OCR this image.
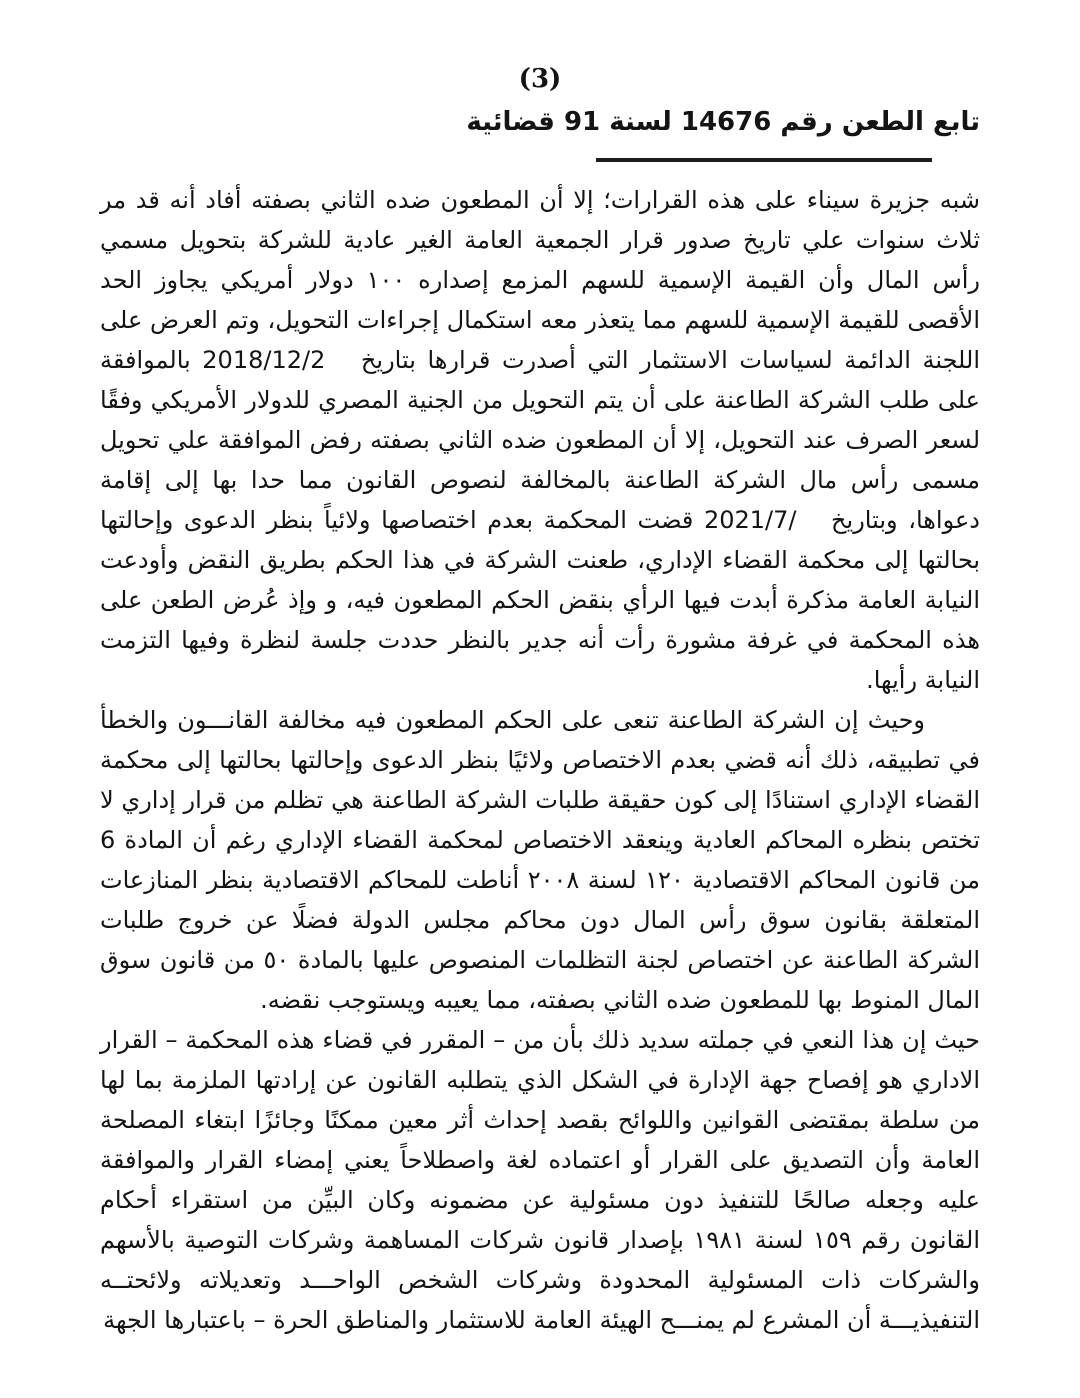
(3)
تابع الطعن رقم 14676 لسنة 91 قضائية

شبه جزيرة سيناء على هذه القرارات؛ إلا أن المطعون ضده الثاني بصفته أفاد أنه قد مر ثلاث سنوات علي تاريخ صدور قرار الجمعية العامة الغير عادية للشركة بتحويل مسمي رأس المال وأن القيمة الإسمية للسهم المزمع إصداره ١٠٠ دولار أمريكي يجاوز الحد الأقصى للقيمة الإسمية للسهم مما يتعذر معه استكمال إجراءات التحويل، وتم العرض على اللجنة الدائمة لسياسات الاستثمار التي أصدرت قرارها بتاريخ  2018/12/2 بالموافقة على طلب الشركة الطاعنة على أن يتم التحويل من الجنية المصري للدولار الأمريكي وفقًا لسعر الصرف عند التحويل، إلا أن المطعون ضده الثاني بصفته رفض الموافقة علي تحويل مسمى رأس مال الشركة الطاعنة بالمخالفة لنصوص القانون مما حدا بها إلى إقامة دعواها، وبتاريخ  /2021/7 قضت المحكمة بعدم اختصاصها ولائياً بنظر الدعوى وإحالتها بحالتها إلى محكمة القضاء الإداري، طعنت الشركة في هذا الحكم بطريق النقض وأودعت النيابة العامة مذكرة أبدت فيها الرأي بنقض الحكم المطعون فيه، و وإذ عُرض الطعن على هذه المحكمة في غرفة مشورة رأت أنه جدير بالنظر حددت جلسة لنظرة وفيها التزمت النيابة رأيها.

وحيث إن الشركة الطاعنة تنعى على الحكم المطعون فيه مخالفة القانـــون والخطأ في تطبيقه، ذلك أنه قضي بعدم الاختصاص ولائيًا بنظر الدعوى وإحالتها بحالتها إلى محكمة القضاء الإداري استنادًا إلى كون حقيقة طلبات الشركة الطاعنة هي تظلم من قرار إداري لا تختص بنظره المحاكم العادية وينعقد الاختصاص لمحكمة القضاء الإداري رغم أن المادة 6 من قانون المحاكم الاقتصادية ١٢٠ لسنة ٢٠٠٨ أناطت للمحاكم الاقتصادية بنظر المنازعات المتعلقة بقانون سوق رأس المال دون محاكم مجلس الدولة فضلًا عن خروج طلبات الشركة الطاعنة عن اختصاص لجنة التظلمات المنصوص عليها بالمادة ٥٠ من قانون سوق المال المنوط بها للمطعون ضده الثاني بصفته، مما يعيبه ويستوجب نقضه.

حيث إن هذا النعي في جملته سديد ذلك بأن من – المقرر في قضاء هذه المحكمة – القرار الاداري هو إفصاح جهة الإدارة في الشكل الذي يتطلبه القانون عن إرادتها الملزمة بما لها من سلطة بمقتضى القوانين واللوائح بقصد إحداث أثر معين ممكنًا وجائزًا ابتغاء المصلحة العامة وأن التصديق على القرار أو اعتماده لغة واصطلاحاً يعني إمضاء القرار والموافقة عليه وجعله صالحًا للتنفيذ دون مسئولية عن مضمونه وكان البيِّن من استقراء أحكام القانون رقم ١٥٩ لسنة ١٩٨١ بإصدار قانون شركات المساهمة وشركات التوصية بالأسهم والشركات ذات المسئولية المحدودة وشركات الشخص الواحـــد وتعديلاته ولائحتــه التنفيذيـــة أن المشرع لم يمنـــح الهيئة العامة للاستثمار والمناطق الحرة – باعتبارها الجهة
